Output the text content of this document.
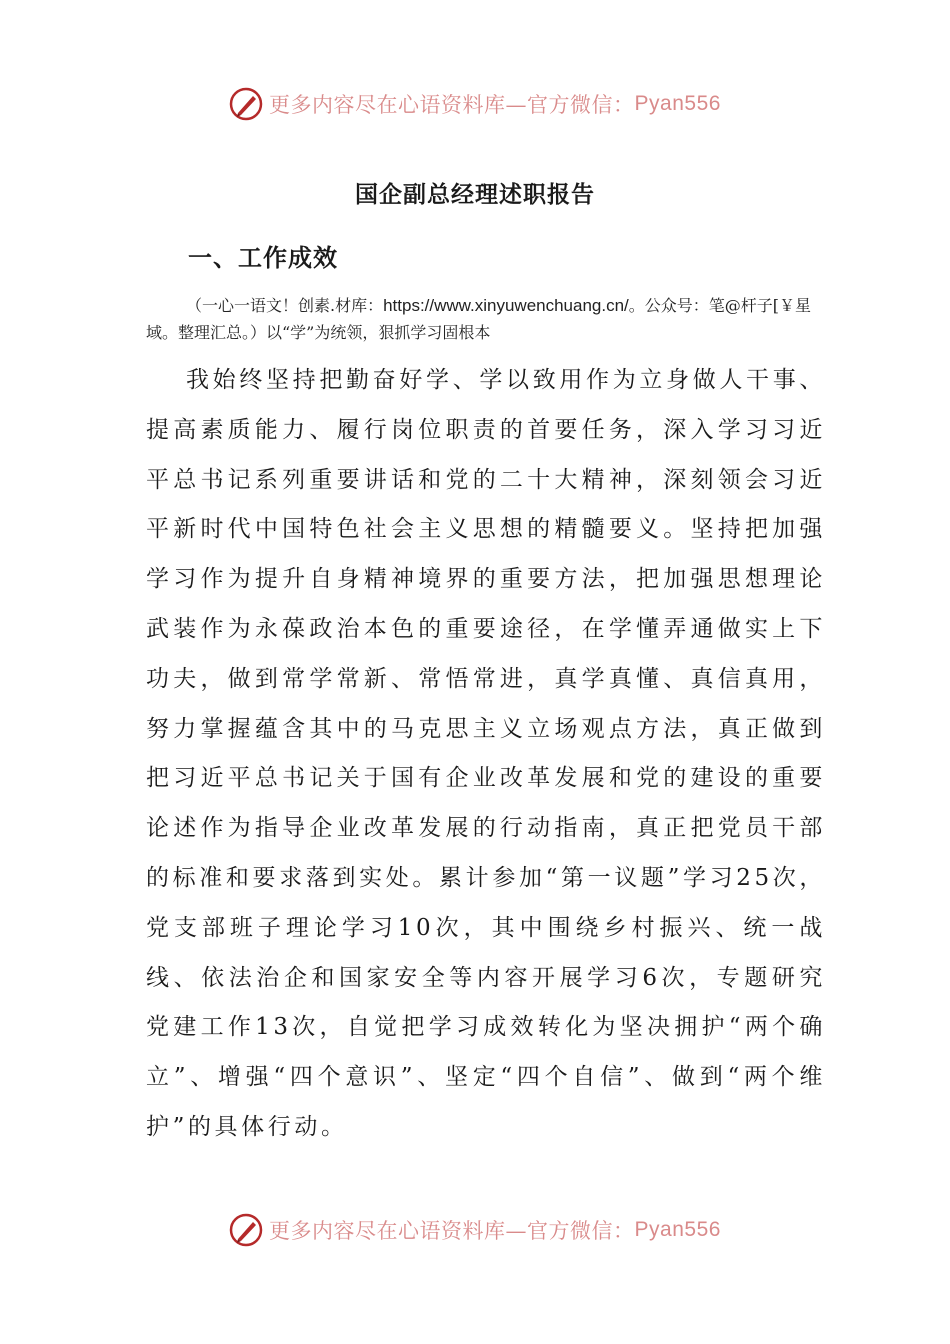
更多内容尽在心语资料库—官方微信： Pyan556
国企副总经理述职报告
一、工作成效
（一心一语文！创素.材库：https://www.xinyuwenchuang.cn/。公众号：笔@杆子[￥星域。整理汇总。）以“学”为统领，狠抓学习固根本
我始终坚持把勤奋好学、学以致用作为立身做人干事、提高素质能力、履行岗位职责的首要任务，深入学习习近平总书记系列重要讲话和党的二十大精神，深刻领会习近平新时代中国特色社会主义思想的精髓要义。坚持把加强学习作为提升自身精神境界的重要方法，把加强思想理论武装作为永葆政治本色的重要途径，在学懂弄通做实上下功夫，做到常学常新、常悟常进，真学真懂、真信真用，努力掌握蕴含其中的马克思主义立场观点方法，真正做到把习近平总书记关于国有企业改革发展和党的建设的重要论述作为指导企业改革发展的行动指南，真正把党员干部的标准和要求落到实处。累计参加“第一议题”学习25次，党支部班子理论学习10次，其中围绕乡村振兴、统一战线、依法治企和国家安全等内容开展学习6次，专题研究党建工作13次，自觉把学习成效转化为坚决拥护“两个确立”、增强“四个意识”、坚定“四个自信”、做到“两个维护”的具体行动。
更多内容尽在心语资料库—官方微信： Pyan556
